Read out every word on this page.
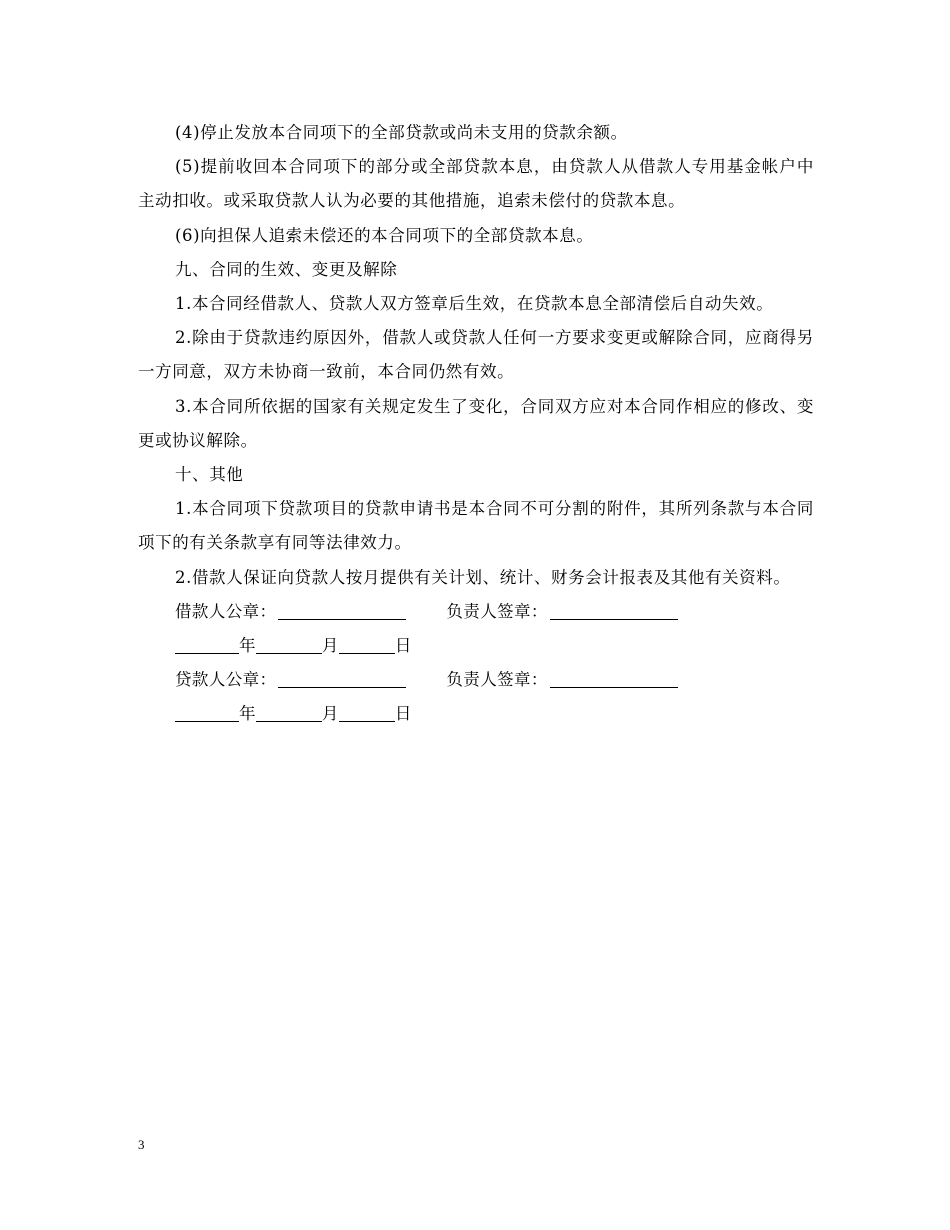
(4)停止发放本合同项下的全部贷款或尚未支用的贷款余额。

(5)提前收回本合同项下的部分或全部贷款本息，由贷款人从借款人专用基金帐户中主动扣收。或采取贷款人认为必要的其他措施，追索未偿付的贷款本息。

(6)向担保人追索未偿还的本合同项下的全部贷款本息。

九、合同的生效、变更及解除

1.本合同经借款人、贷款人双方签章后生效，在贷款本息全部清偿后自动失效。

2.除由于贷款违约原因外，借款人或贷款人任何一方要求变更或解除合同，应商得另一方同意，双方未协商一致前，本合同仍然有效。

3.本合同所依据的国家有关规定发生了变化，合同双方应对本合同作相应的修改、变更或协议解除。

十、其他

1.本合同项下贷款项目的贷款申请书是本合同不可分割的附件，其所列条款与本合同项下的有关条款享有同等法律效力。

2.借款人保证向贷款人按月提供有关计划、统计、财务会计报表及其他有关资料。

借款人公章：	负责人签章：
年	月	日
贷款人公章：	负责人签章：
年	月	日
3
